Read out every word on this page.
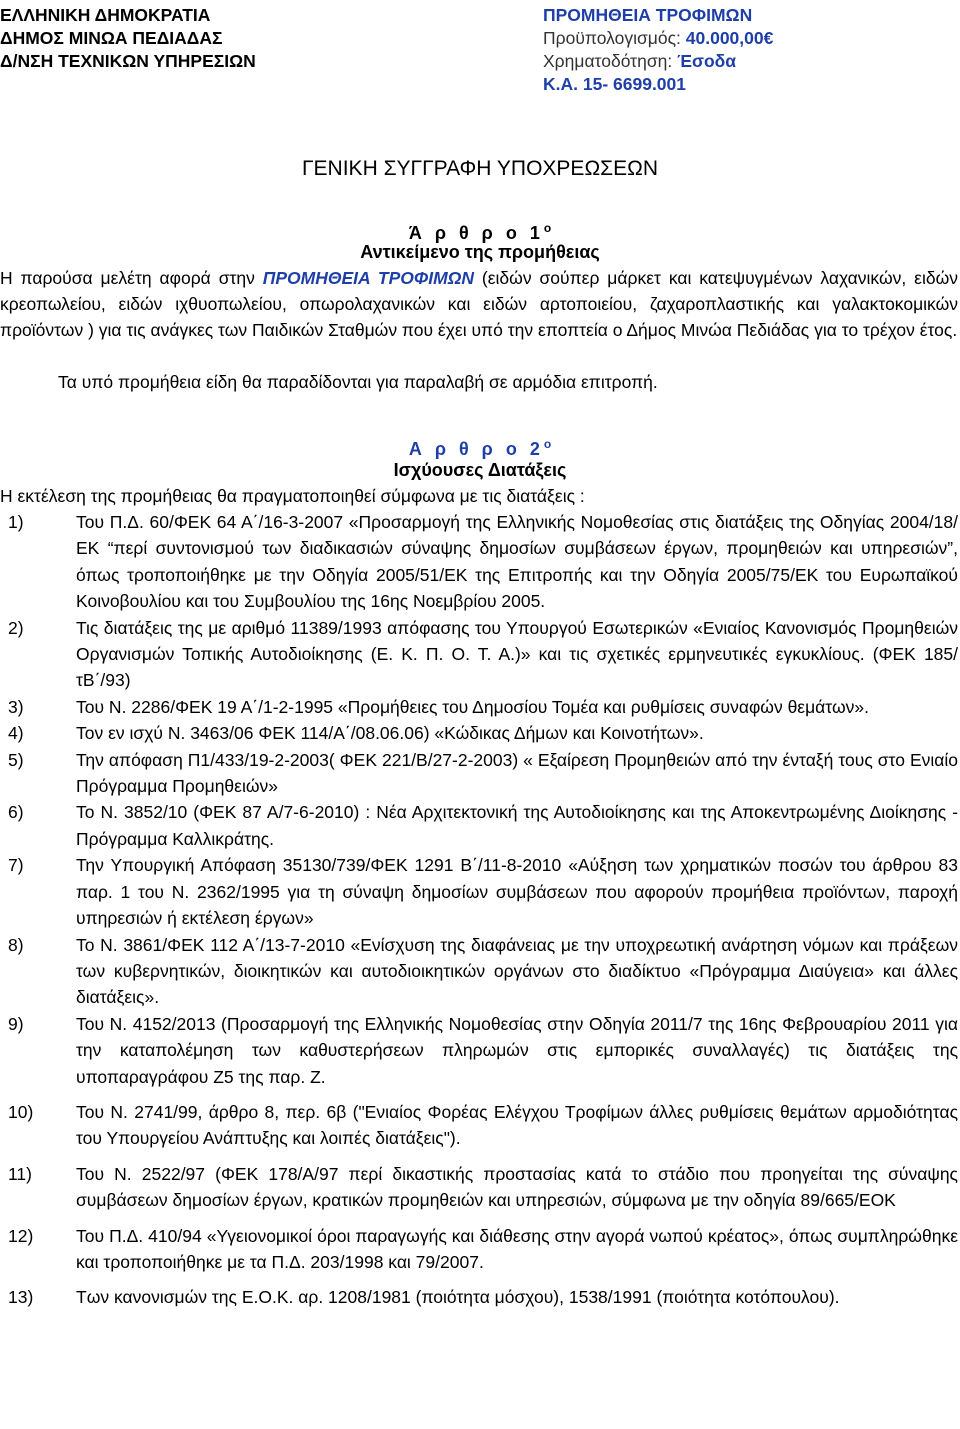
ΕΛΛΗΝΙΚΗ ΔΗΜΟΚΡΑΤΙΑ
ΔΗΜΟΣ ΜΙΝΩΑ ΠΕΔΙΑΔΑΣ
Δ/ΝΣΗ ΤΕΧΝΙΚΩΝ ΥΠΗΡΕΣΙΩΝ
ΠΡΟΜΗΘΕΙΑ ΤΡΟΦΙΜΩΝ
Προϋπολογισμός: 40.000,00€
Χρηματοδότηση: Έσοδα
Κ.Α. 15- 6699.001
ΓΕΝΙΚΗ ΣΥΓΓΡΑΦΗ ΥΠΟΧΡΕΩΣΕΩΝ
Ά ρ θ ρ ο $1^o$
Αντικείμενο της προμήθειας
Η παρούσα μελέτη αφορά στην ΠΡΟΜΗΘΕΙΑ ΤΡΟΦΙΜΩΝ (ειδών σούπερ μάρκετ και κατεψυγμένων λαχανικών, ειδών κρεοπωλείου, ειδών ιχθυοπωλείου, οπωρολαχανικών και ειδών αρτοποιείου, ζαχαροπλαστικής και γαλακτοκομικών προϊόντων ) για τις ανάγκες των Παιδικών Σταθμών που έχει υπό την εποπτεία ο Δήμος Μινώα Πεδιάδας για το τρέχον έτος.
Τα υπό προμήθεια είδη θα παραδίδονται για παραλαβή σε αρμόδια επιτροπή.
Α ρ θ ρ ο $2^o$
Ισχύουσες Διατάξεις
Η εκτέλεση της προμήθειας θα πραγματοποιηθεί σύμφωνα με τις διατάξεις :
1)	Του Π.Δ. 60/ΦΕΚ 64 Α΄/16-3-2007 «Προσαρμογή της Ελληνικής Νομοθεσίας στις διατάξεις της Οδηγίας 2004/18/ΕΚ “περί συντονισμού των διαδικασιών σύναψης δημοσίων συμβάσεων έργων, προμηθειών και υπηρεσιών”, όπως τροποποιήθηκε με την Οδηγία 2005/51/ΕΚ της Επιτροπής και την Οδηγία 2005/75/ΕΚ του Ευρωπαϊκού Κοινοβουλίου και του Συμβουλίου της 16ης Νοεμβρίου 2005.
2)	Τις διατάξεις της με αριθμό 11389/1993 απόφασης του Υπουργού Εσωτερικών «Ενιαίος Κανονισμός Προμηθειών Οργανισμών Τοπικής Αυτοδιοίκησης (Ε. Κ. Π. Ο. Τ. Α.)» και τις σχετικές ερμηνευτικές εγκυκλίους. (ΦΕΚ 185/τΒ΄/93)
3)	Του Ν. 2286/ΦΕΚ 19 Α΄/1-2-1995 «Προμήθειες του Δημοσίου Τομέα και ρυθμίσεις συναφών θεμάτων».
4)	Τον εν ισχύ Ν. 3463/06 ΦΕΚ 114/Α΄/08.06.06) «Κώδικας Δήμων και Κοινοτήτων».
5)	Την απόφαση Π1/433/19-2-2003( ΦΕΚ 221/Β/27-2-2003) « Εξαίρεση Προμηθειών από την ένταξή τους στο Ενιαίο Πρόγραμμα Προμηθειών»
6)	Το Ν. 3852/10 (ΦΕΚ 87 Α/7-6-2010) : Νέα Αρχιτεκτονική της Αυτοδιοίκησης και της Αποκεντρωμένης Διοίκησης - Πρόγραμμα Καλλικράτης.
7)	Την Υπουργική Απόφαση 35130/739/ΦΕΚ 1291 Β΄/11-8-2010 «Αύξηση των χρηματικών ποσών του άρθρου 83 παρ. 1 του Ν. 2362/1995 για τη σύναψη δημοσίων συμβάσεων που αφορούν προμήθεια προϊόντων, παροχή υπηρεσιών ή εκτέλεση έργων»
8)	Το Ν. 3861/ΦΕΚ 112 Α΄/13-7-2010 «Ενίσχυση της διαφάνειας με την υποχρεωτική ανάρτηση νόμων και πράξεων των κυβερνητικών, διοικητικών και αυτοδιοικητικών οργάνων στο διαδίκτυο «Πρόγραμμα Διαύγεια» και άλλες διατάξεις».
9)	Του Ν. 4152/2013 (Προσαρμογή της Ελληνικής Νομοθεσίας στην Οδηγία 2011/7 της 16ης Φεβρουαρίου 2011 για την καταπολέμηση των καθυστερήσεων πληρωμών στις εμπορικές συναλλαγές) τις διατάξεις της υποπαραγράφου Ζ5 της παρ. Ζ.
10) Του Ν. 2741/99, άρθρο 8, περ. 6β ("Ενιαίος Φορέας Ελέγχου Τροφίμων άλλες ρυθμίσεις θεμάτων αρμοδιότητας του Υπουργείου Ανάπτυξης και λοιπές διατάξεις").
11)	Του Ν. 2522/97 (ΦΕΚ 178/Α/97 περί δικαστικής προστασίας κατά το στάδιο που προηγείται της σύναψης συμβάσεων δημοσίων έργων, κρατικών προμηθειών και υπηρεσιών, σύμφωνα με την οδηγία 89/665/ΕΟΚ
12) Του Π.Δ. 410/94 «Υγειονομικοί όροι παραγωγής και διάθεσης στην αγορά νωπού κρέατος», όπως συμπληρώθηκε και τροποποιήθηκε με τα Π.Δ. 203/1998 και 79/2007.
13) Των κανονισμών της Ε.Ο.Κ. αρ. 1208/1981 (ποιότητα μόσχου), 1538/1991 (ποιότητα κοτόπουλου).
